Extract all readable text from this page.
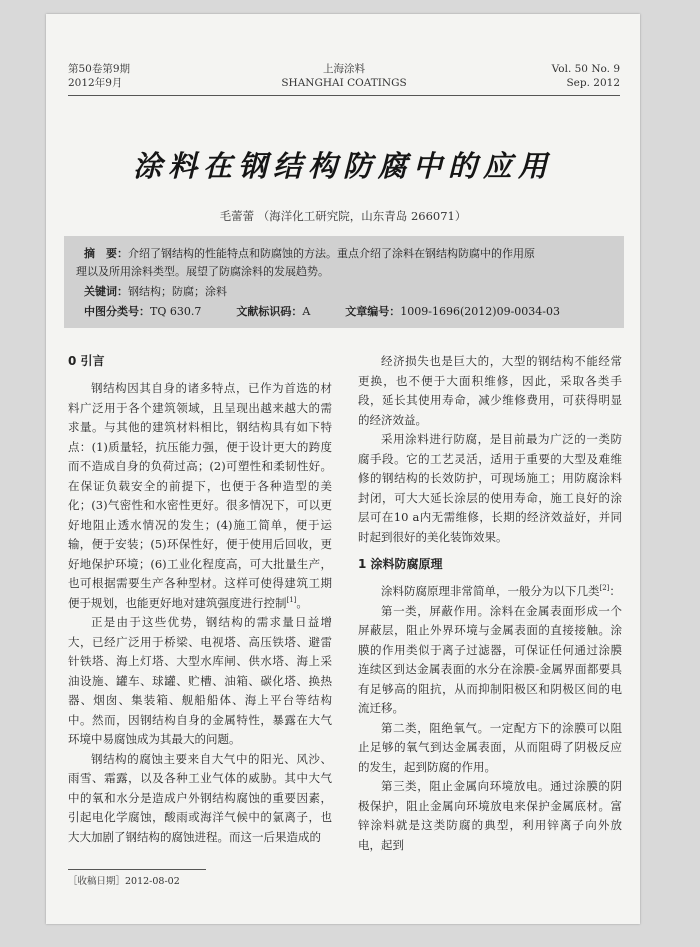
第50卷第9期
2012年9月
上海涂料
SHANGHAI COATINGS
Vol. 50 No. 9
Sep. 2012
涂料在钢结构防腐中的应用
毛蕾蕾 （海洋化工研究院，山东青岛 266071）
摘　要：介绍了钢结构的性能特点和防腐蚀的方法。重点介绍了涂料在钢结构防腐中的作用原
理以及所用涂料类型。展望了防腐涂料的发展趋势。
关键词：钢结构；防腐；涂料
中图分类号：TQ 630.7	文献标识码：A	文章编号：1009-1696(2012)09-0034-03
0 引言

钢结构因其自身的诸多特点，已作为首选的材料广泛用于各个建筑领域，且呈现出越来越大的需求量。与其他的建筑材料相比，钢结构具有如下特点：(1)质量轻，抗压能力强，便于设计更大的跨度而不造成自身的负荷过高；(2)可塑性和柔韧性好。在保证负载安全的前提下，也便于各种造型的美化；(3)气密性和水密性更好。很多情况下，可以更好地阻止透水情况的发生；(4)施工简单，便于运输，便于安装；(5)环保性好，便于使用后回收，更好地保护环境；(6)工业化程度高，可大批量生产，也可根据需要生产各种型材。这样可使得建筑工期便于规划，也能更好地对建筑强度进行控制[1]。

正是由于这些优势，钢结构的需求量日益增大，已经广泛用于桥梁、电视塔、高压铁塔、避雷针铁塔、海上灯塔、大型水库闸、供水塔、海上采油设施、罐车、球罐、贮槽、油箱、碳化塔、换热器、烟囱、集装箱、舰船船体、海上平台等结构中。然而，因钢结构自身的金属特性，暴露在大气环境中易腐蚀成为其最大的问题。

钢结构的腐蚀主要来自大气中的阳光、风沙、雨雪、霜露，以及各种工业气体的威胁。其中大气中的氧和水分是造成户外钢结构腐蚀的重要因素，引起电化学腐蚀，酸雨或海洋气候中的氯离子，也大大加剧了钢结构的腐蚀进程。而这一后果造成的

经济损失也是巨大的，大型的钢结构不能经常更换，也不便于大面积维修，因此，采取各类手段，延长其使用寿命，减少维修费用，可获得明显的经济效益。

采用涂料进行防腐，是目前最为广泛的一类防腐手段。它的工艺灵活，适用于重要的大型及难维修的钢结构的长效防护，可现场施工；用防腐涂料封闭，可大大延长涂层的使用寿命，施工良好的涂层可在10 a内无需维修，长期的经济效益好，并同时起到很好的美化装饰效果。

1 涂料防腐原理

涂料防腐原理非常简单，一般分为以下几类[2]：

第一类，屏蔽作用。涂料在金属表面形成一个屏蔽层，阻止外界环境与金属表面的直接接触。涂膜的作用类似于离子过滤器，可保证任何通过涂膜连续区到达金属表面的水分在涂膜-金属界面都要具有足够高的阻抗，从而抑制阳极区和阴极区间的电流迁移。

第二类，阻绝氧气。一定配方下的涂膜可以阻止足够的氧气到达金属表面，从而阻碍了阴极反应的发生，起到防腐的作用。

第三类，阻止金属向环境放电。通过涂膜的阴极保护，阻止金属向环境放电来保护金属底材。富锌涂料就是这类防腐的典型，利用锌离子向外放电，起到

［收稿日期］2012-08-02
